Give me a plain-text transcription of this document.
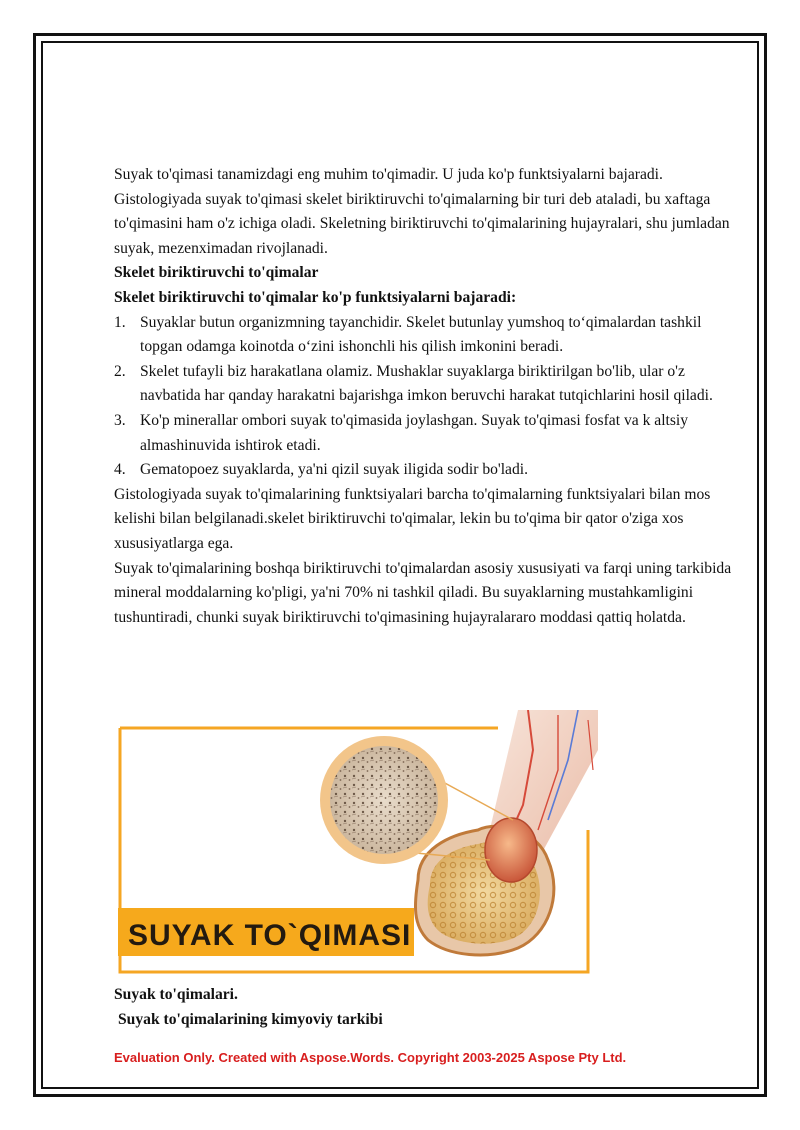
Suyak to'qimasi tanamizdagi eng muhim to'qimadir. U juda ko'p funktsiyalarni bajaradi. Gistologiyada suyak to'qimasi skelet biriktiruvchi to'qimalarning bir turi deb ataladi, bu xaftaga to'qimasini ham o'z ichiga oladi. Skeletning biriktiruvchi to'qimalarining hujayralari, shu jumladan suyak, mezenximadan rivojlanadi.

Skelet biriktiruvchi to'qimalar

Skelet biriktiruvchi to'qimalar ko'p funktsiyalarni bajaradi:

1. Suyaklar butun organizmning tayanchidir. Skelet butunlay yumshoq to‘qimalardan tashkil topgan odamga koinotda o‘zini ishonchli his qilish imkonini beradi.
2. Skelet tufayli biz harakatlana olamiz. Mushaklar suyaklarga biriktirilgan bo'lib, ular o'z navbatida har qanday harakatni bajarishga imkon beruvchi harakat tutqichlarini hosil qiladi.
3. Ko'p minerallar ombori suyak to'qimasida joylashgan. Suyak to'qimasi fosfat va k altsiy almashinuvida ishtirok etadi.
4. Gematopoez suyaklarda, ya'ni qizil suyak iligida sodir bo'ladi.

Gistologiyada suyak to'qimalarining funktsiyalari barcha to'qimalarning funktsiyalari bilan mos kelishi bilan belgilanadi.skelet biriktiruvchi to'qimalar, lekin bu to'qima bir qator o'ziga xos xususiyatlarga ega.

Suyak to'qimalarining boshqa biriktiruvchi to'qimalardan asosiy xususiyati va farqi uning tarkibida mineral moddalarning ko'pligi, ya'ni 70% ni tashkil qiladi. Bu suyaklarning mustahkamligini tushuntiradi, chunki suyak biriktiruvchi to'qimasining hujayralararo moddasi qattiq holatda.

SUYAK TO`QIMASI
Suyak to'qimalari.
Suyak to'qimalarining kimyoviy tarkibi
Evaluation Only. Created with Aspose.Words. Copyright 2003-2025 Aspose Pty Ltd.
